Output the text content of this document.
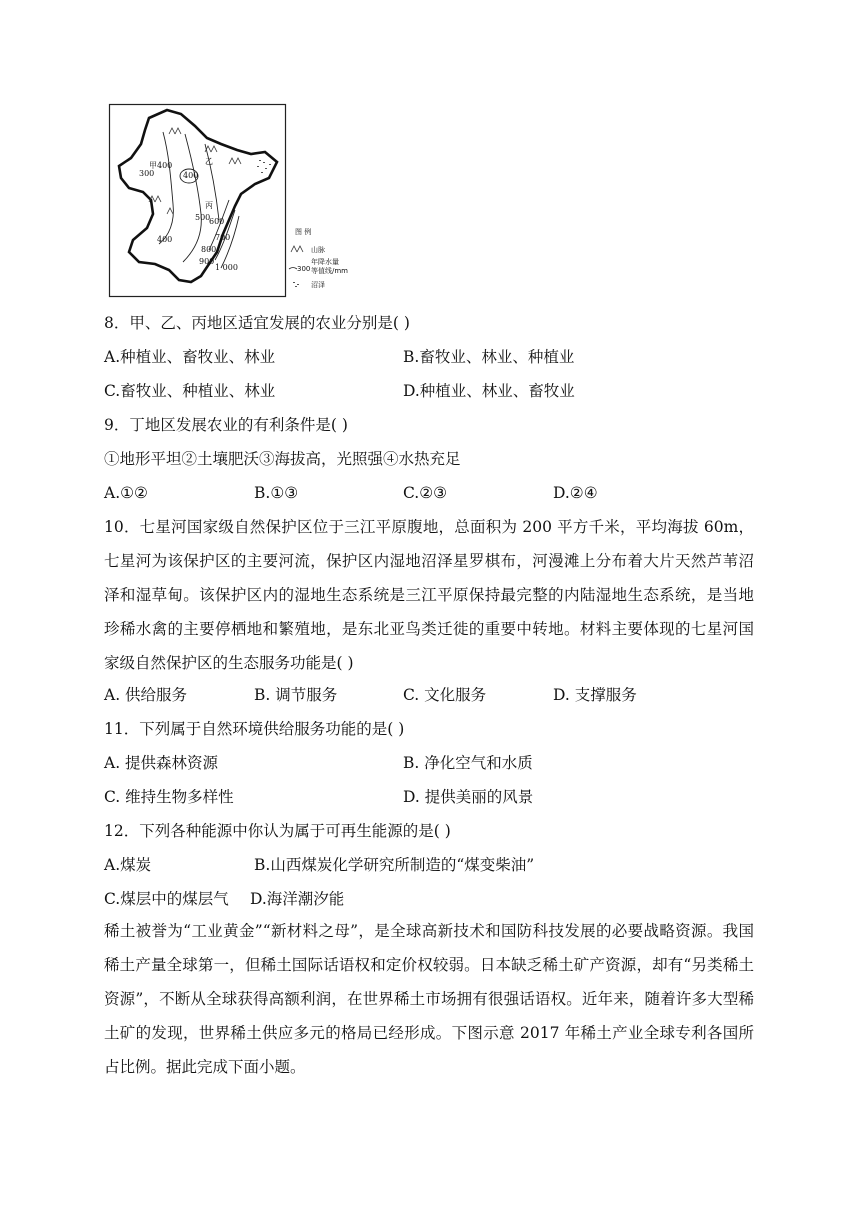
甲	乙
丙
300
400
400
400
500
600
700
800
900
1 000
图 例
山脉
年降水量
300 等值线/mm
沼泽
8．甲、乙、丙地区适宜发展的农业分别是( )
A.种植业、畜牧业、林业	B.畜牧业、林业、种植业
C.畜牧业、种植业、林业	D.种植业、林业、畜牧业
9．丁地区发展农业的有利条件是( )
①地形平坦②土壤肥沃③海拔高，光照强④水热充足
A.①②	B.①③	C.②③	D.②④
10．七星河国家级自然保护区位于三江平原腹地，总面积为 200 平方千米，平均海拔 60m，七星河为该保护区的主要河流，保护区内湿地沼泽星罗棋布，河漫滩上分布着大片天然芦苇沼泽和湿草甸。该保护区内的湿地生态系统是三江平原保持最完整的内陆湿地生态系统，是当地珍稀水禽的主要停栖地和繁殖地，是东北亚鸟类迁徙的重要中转地。材料主要体现的七星河国家级自然保护区的生态服务功能是( )
A. 供给服务	B. 调节服务	C. 文化服务	D. 支撑服务
11．下列属于自然环境供给服务功能的是( )
A. 提供森林资源	B. 净化空气和水质
C. 维持生物多样性	D. 提供美丽的风景
12．下列各种能源中你认为属于可再生能源的是( )
A.煤炭	B.山西煤炭化学研究所制造的“煤变柴油”
C.煤层中的煤层气 D.海洋潮汐能
稀土被誉为“工业黄金”“新材料之母”，是全球高新技术和国防科技发展的必要战略资源。我国稀土产量全球第一，但稀土国际话语权和定价权较弱。日本缺乏稀土矿产资源，却有“另类稀土资源”，不断从全球获得高额利润，在世界稀土市场拥有很强话语权。近年来，随着许多大型稀土矿的发现，世界稀土供应多元的格局已经形成。下图示意 2017 年稀土产业全球专利各国所占比例。据此完成下面小题。
